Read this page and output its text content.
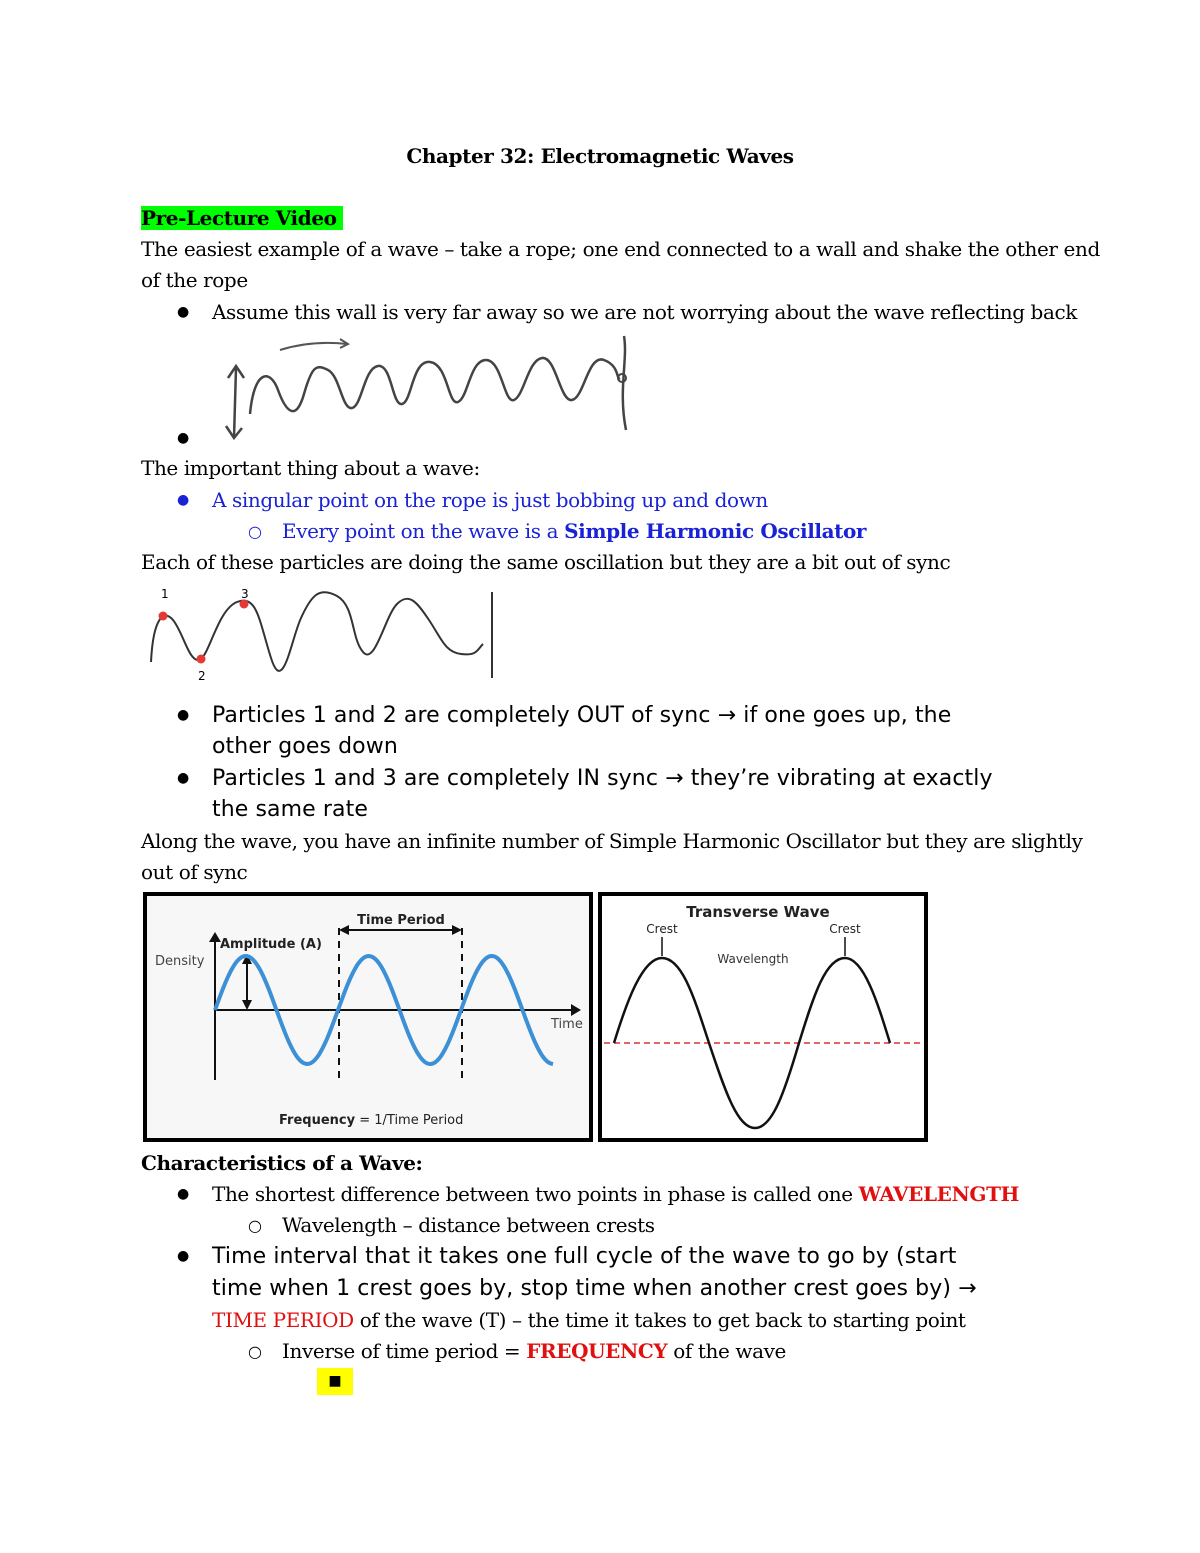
Chapter 32: Electromagnetic Waves
Pre-Lecture Video
The easiest example of a wave – take a rope; one end connected to a wall and shake the other end
of the rope
● Assume this wall is very far away so we are not worrying about the wave reflecting back
●
The important thing about a wave:
● A singular point on the rope is just bobbing up and down
○ Every point on the wave is a Simple Harmonic Oscillator
Each of these particles are doing the same oscillation but they are a bit out of sync
1
2
3
● Particles 1 and 2 are completely OUT of sync → if one goes up, the
other goes down
● Particles 1 and 3 are completely IN sync → they’re vibrating at exactly
the same rate
Along the wave, you have an infinite number of Simple Harmonic Oscillator but they are slightly
out of sync
Density
Amplitude (A)
Time Period
Time
Frequency = 1/Time Period
Transverse Wave
Crest	Crest
Wavelength
Characteristics of a Wave:
● The shortest difference between two points in phase is called one WAVELENGTH
○ Wavelength – distance between crests
● Time interval that it takes one full cycle of the wave to go by (start
time when 1 crest goes by, stop time when another crest goes by) →
TIME PERIOD of the wave (T) – the time it takes to get back to starting point
○ Inverse of time period = FREQUENCY of the wave
■
